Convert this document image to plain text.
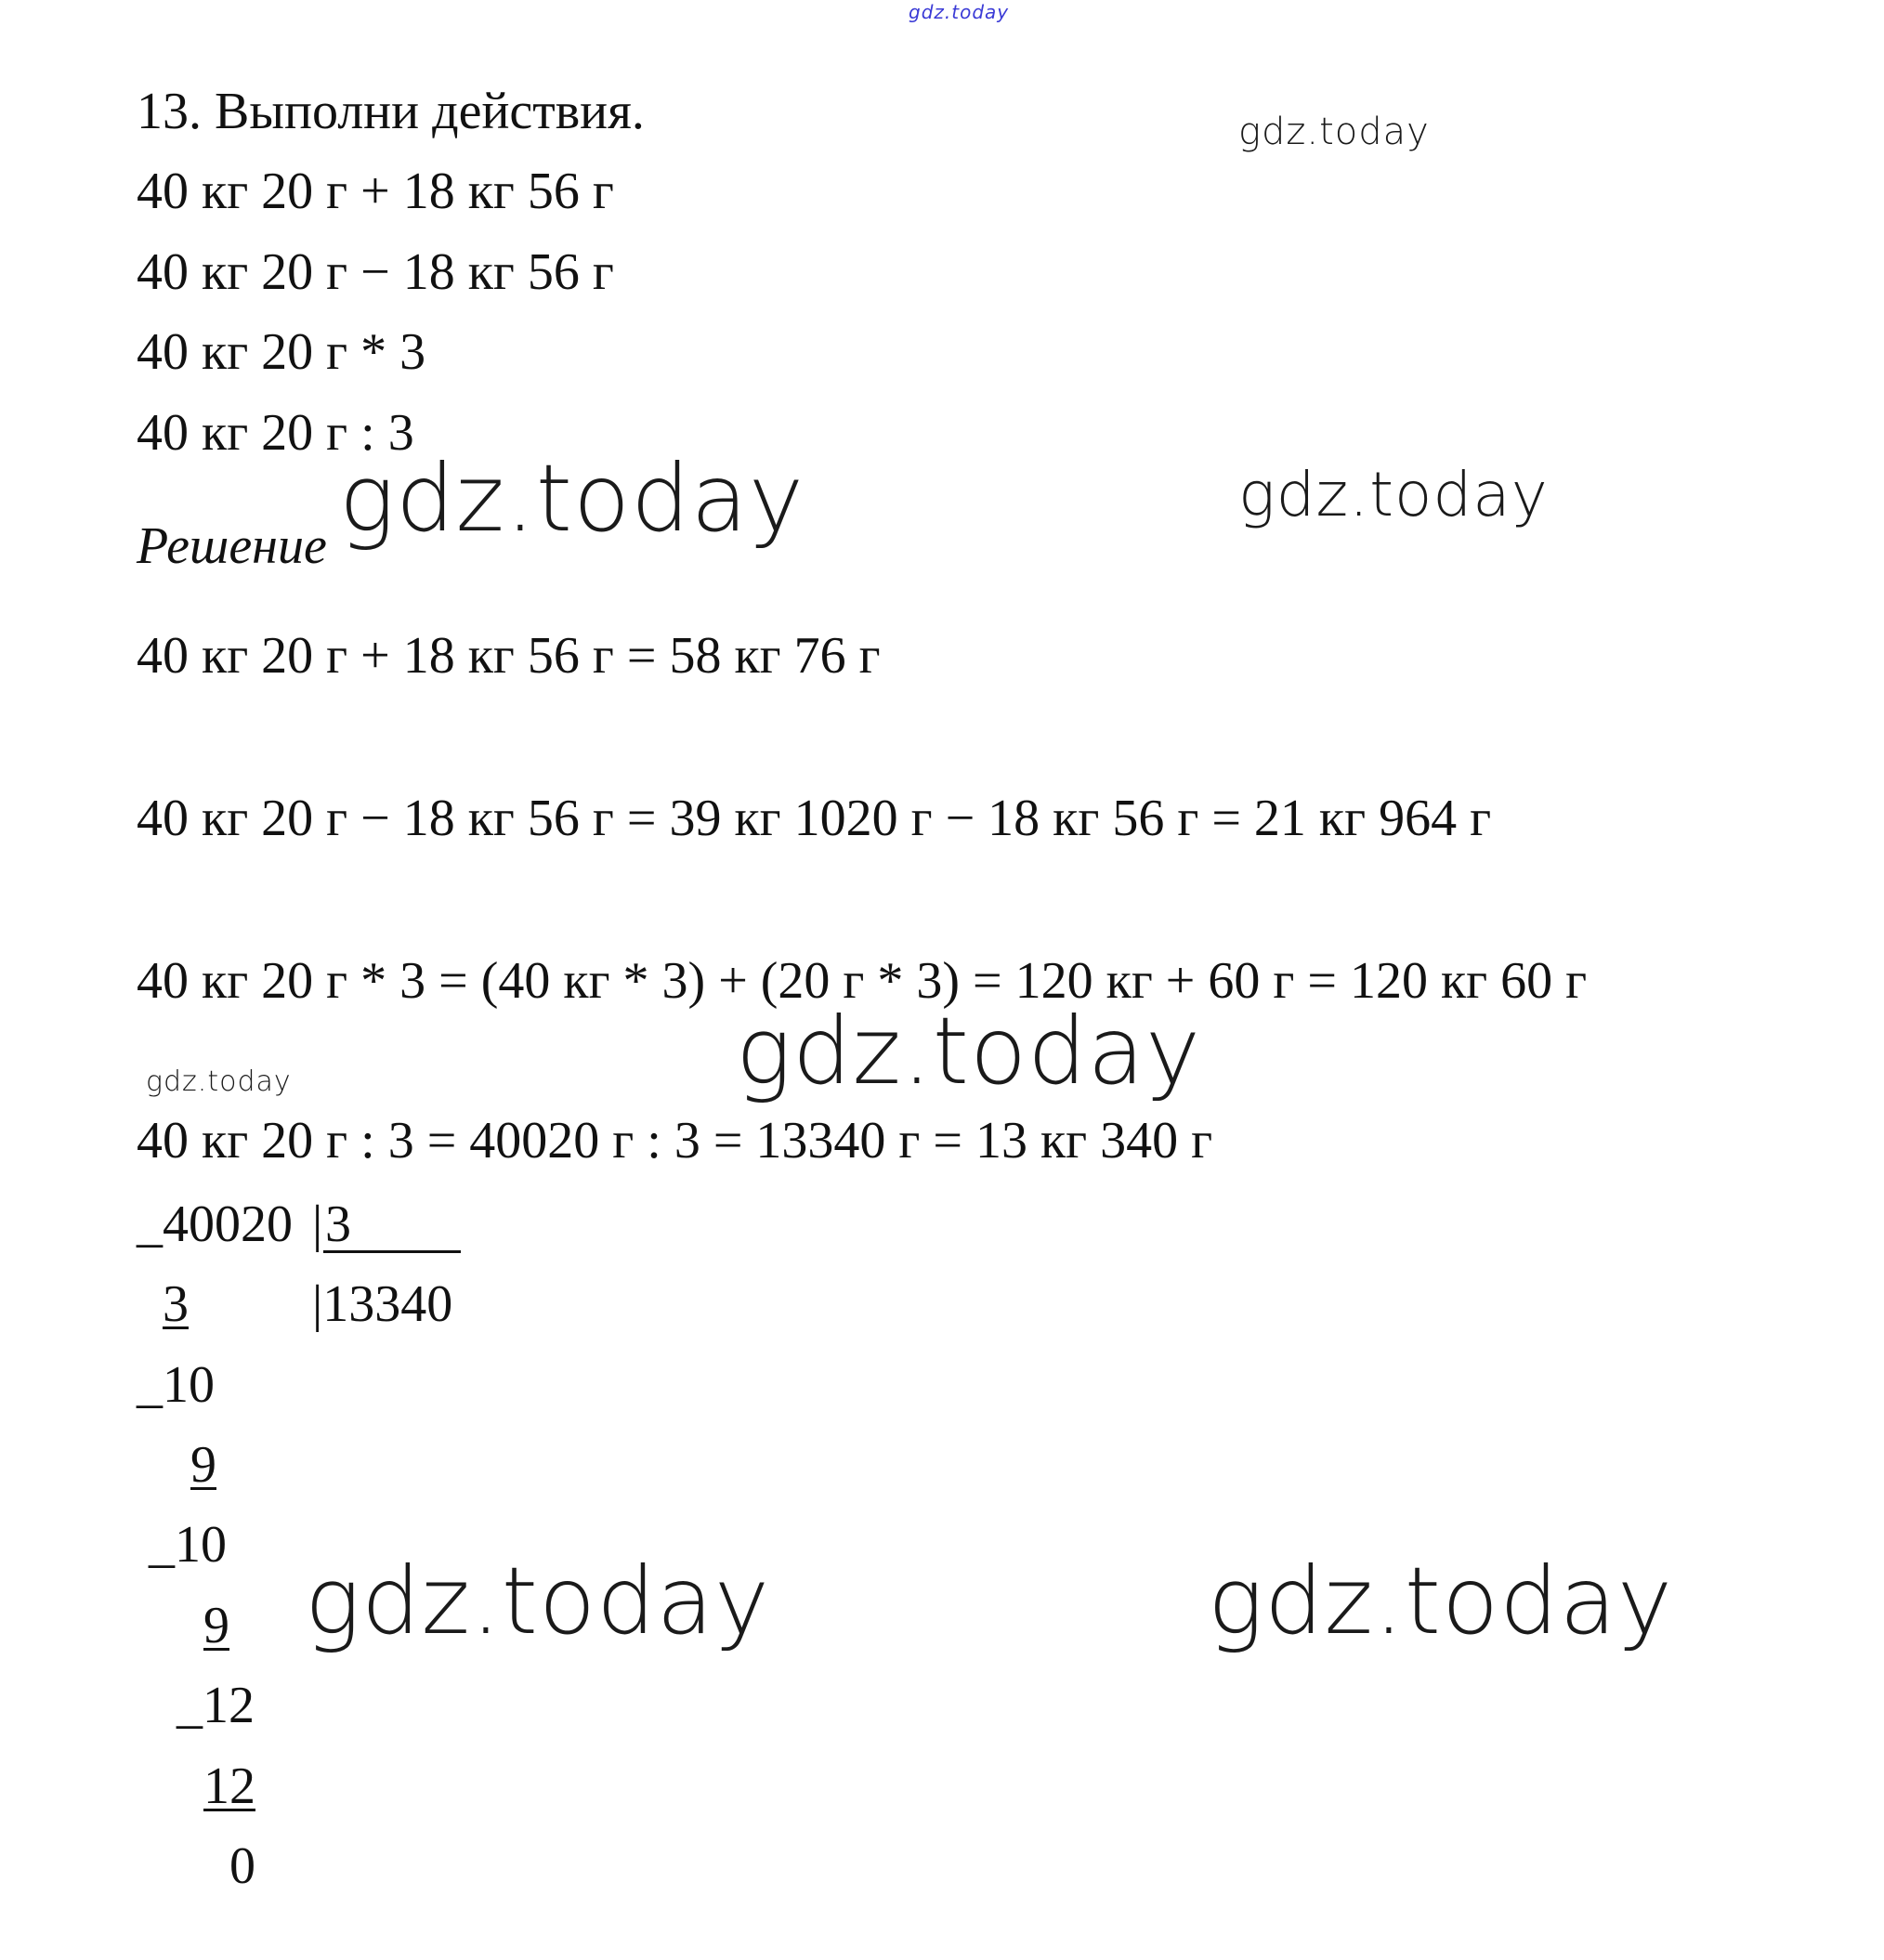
gdz.today
gdz.today
gdz.today	gdz.today
gdz.today
gdz.today
gdz.today	gdz.today
13. Выполни действия.
40 кг 20 г + 18 кг 56 г
40 кг 20 г − 18 кг 56 г
40 кг 20 г * 3
40 кг 20 г : 3
Решение
40 кг 20 г + 18 кг 56 г = 58 кг 76 г
40 кг 20 г − 18 кг 56 г = 39 кг 1020 г − 18 кг 56 г = 21 кг 964 г
40 кг 20 г * 3 = (40 кг * 3) + (20 г * 3) = 120 кг + 60 г = 120 кг 60 г
40 кг 20 г : 3 = 40020 г : 3 = 13340 г = 13 кг 340 г
_40020 | 3
|13340
3
_10
9
_10
9
_12
12
0
